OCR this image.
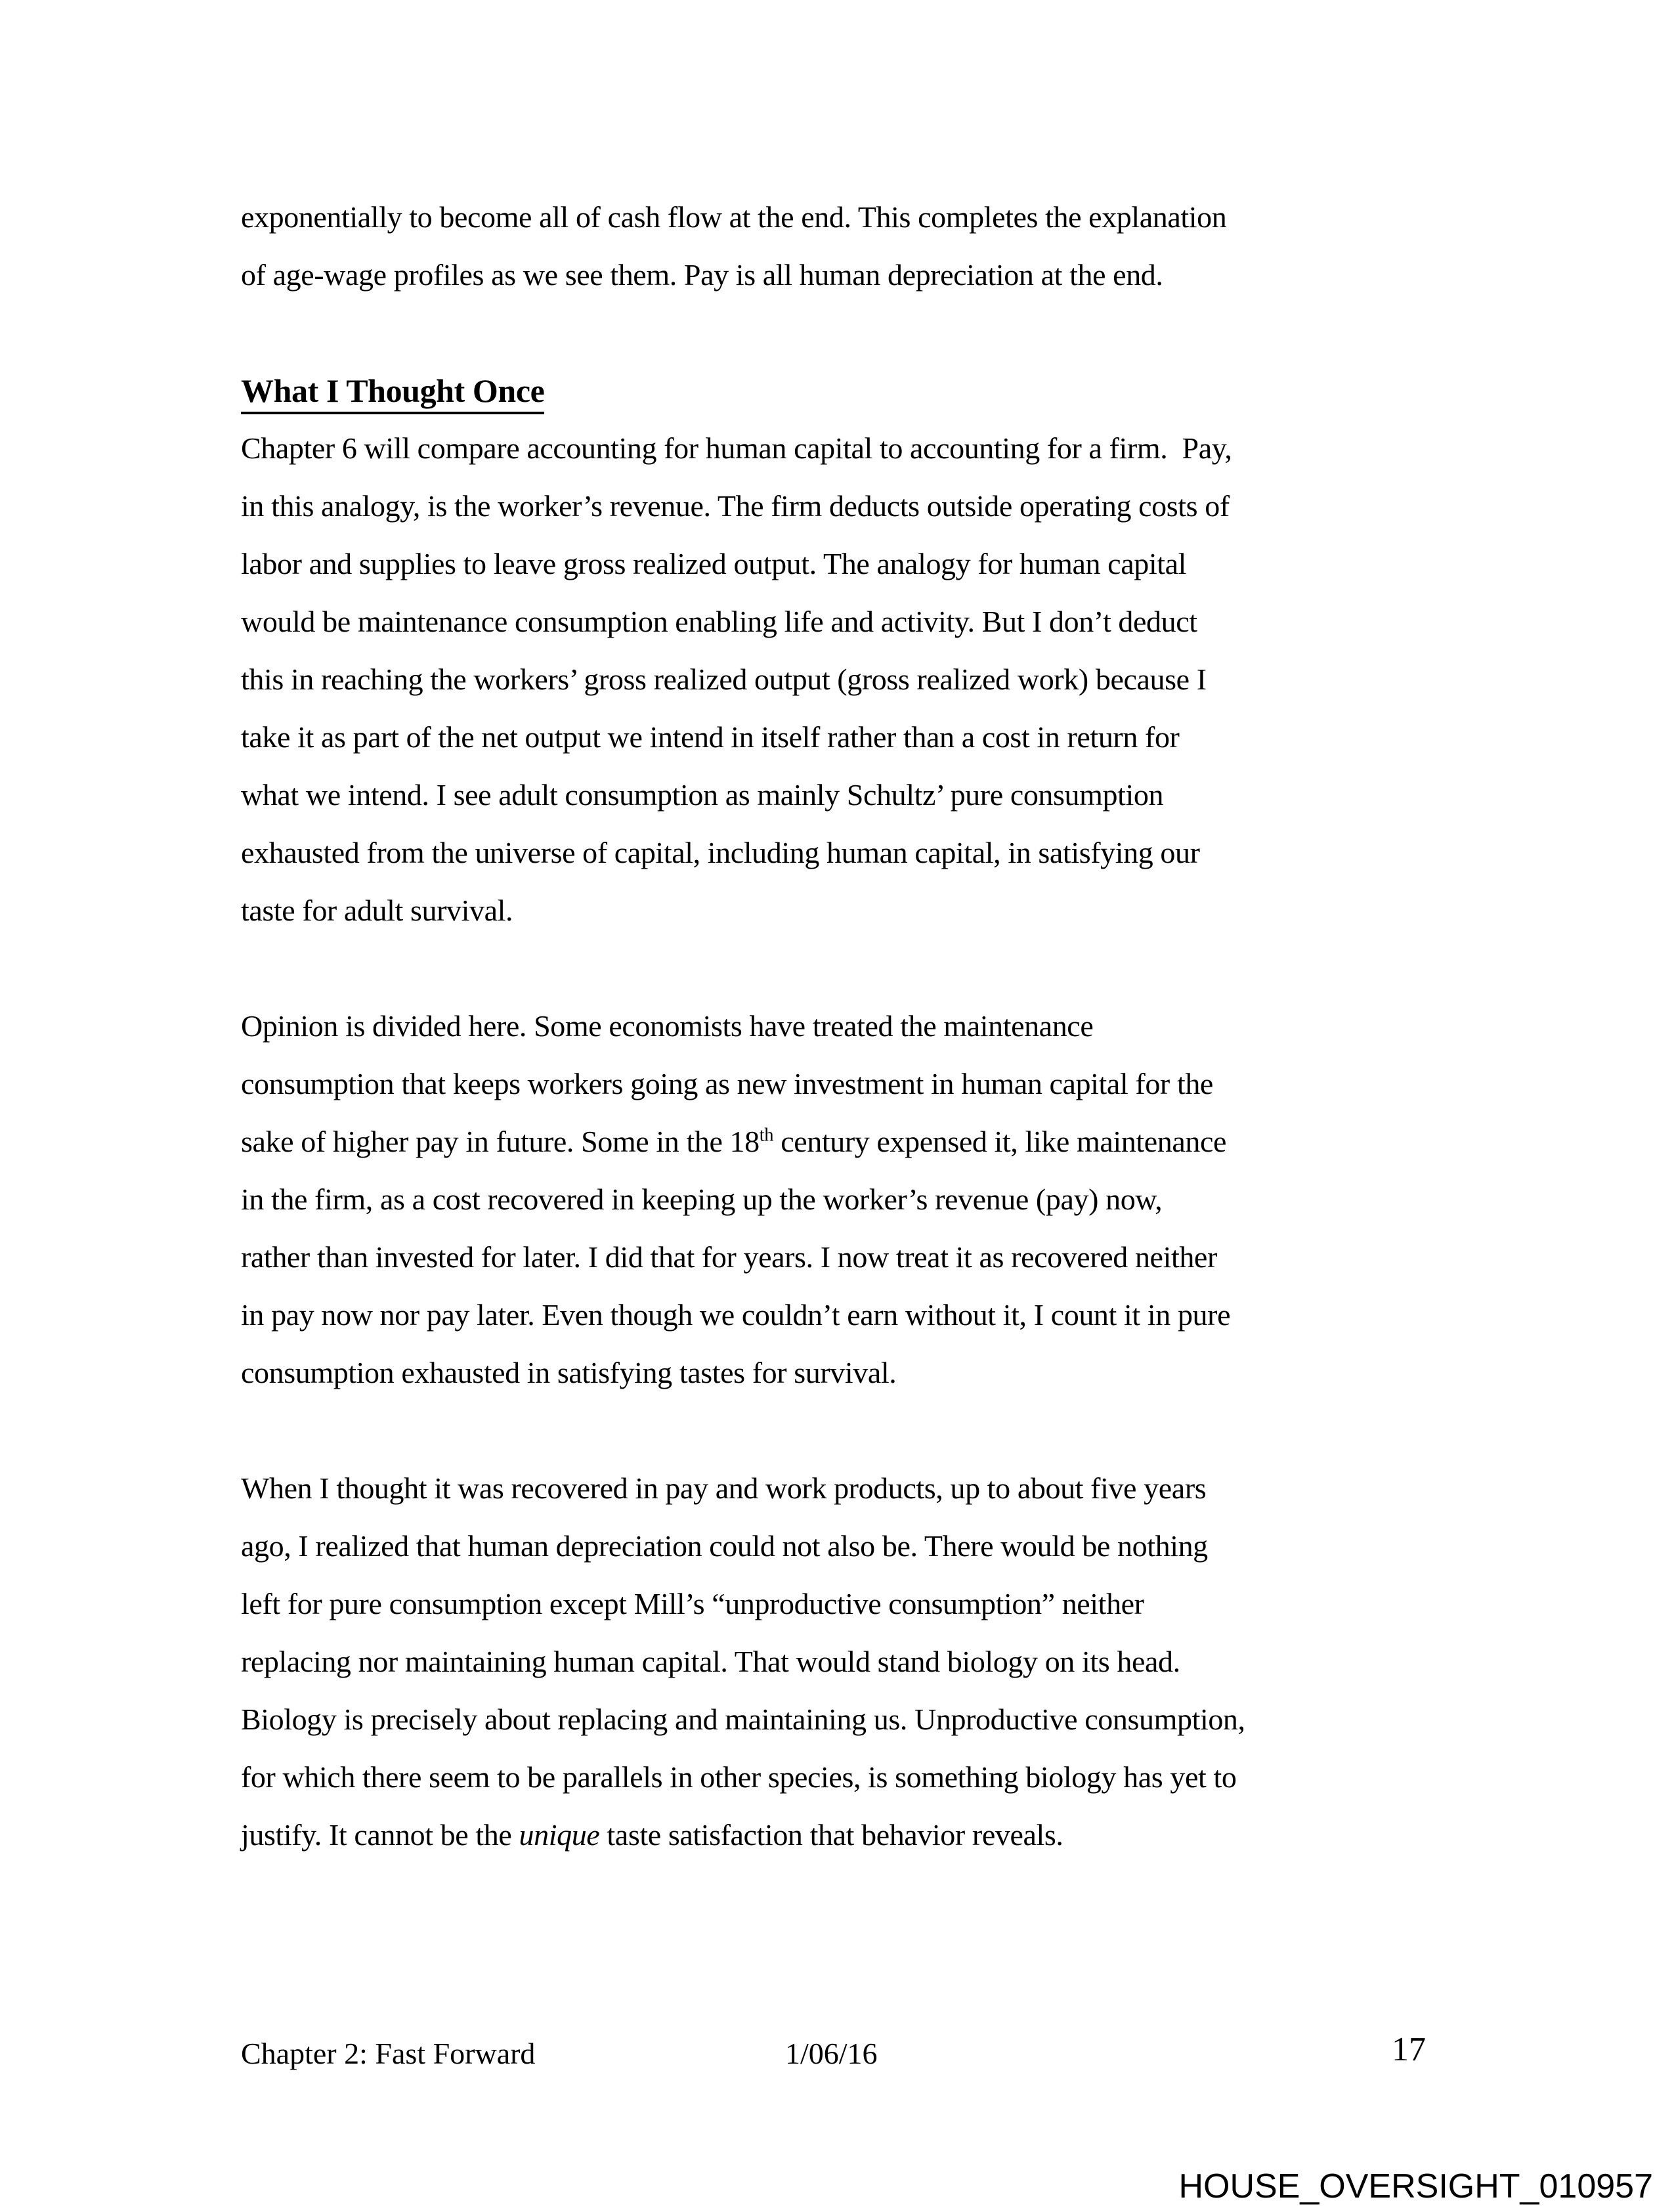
exponentially to become all of cash flow at the end. This completes the explanation
of age-wage profiles as we see them. Pay is all human depreciation at the end.
What I Thought Once
Chapter 6 will compare accounting for human capital to accounting for a firm.  Pay,
in this analogy, is the worker’s revenue. The firm deducts outside operating costs of
labor and supplies to leave gross realized output. The analogy for human capital
would be maintenance consumption enabling life and activity. But I don’t deduct
this in reaching the workers’ gross realized output (gross realized work) because I
take it as part of the net output we intend in itself rather than a cost in return for
what we intend. I see adult consumption as mainly Schultz’ pure consumption
exhausted from the universe of capital, including human capital, in satisfying our
taste for adult survival.
Opinion is divided here. Some economists have treated the maintenance
consumption that keeps workers going as new investment in human capital for the
sake of higher pay in future. Some in the 18th century expensed it, like maintenance
in the firm, as a cost recovered in keeping up the worker’s revenue (pay) now,
rather than invested for later. I did that for years. I now treat it as recovered neither
in pay now nor pay later. Even though we couldn’t earn without it, I count it in pure
consumption exhausted in satisfying tastes for survival.
When I thought it was recovered in pay and work products, up to about five years
ago, I realized that human depreciation could not also be. There would be nothing
left for pure consumption except Mill’s “unproductive consumption” neither
replacing nor maintaining human capital. That would stand biology on its head.
Biology is precisely about replacing and maintaining us. Unproductive consumption,
for which there seem to be parallels in other species, is something biology has yet to
justify. It cannot be the unique taste satisfaction that behavior reveals.
Chapter 2: Fast Forward	1/06/16	17
HOUSE_OVERSIGHT_010957
